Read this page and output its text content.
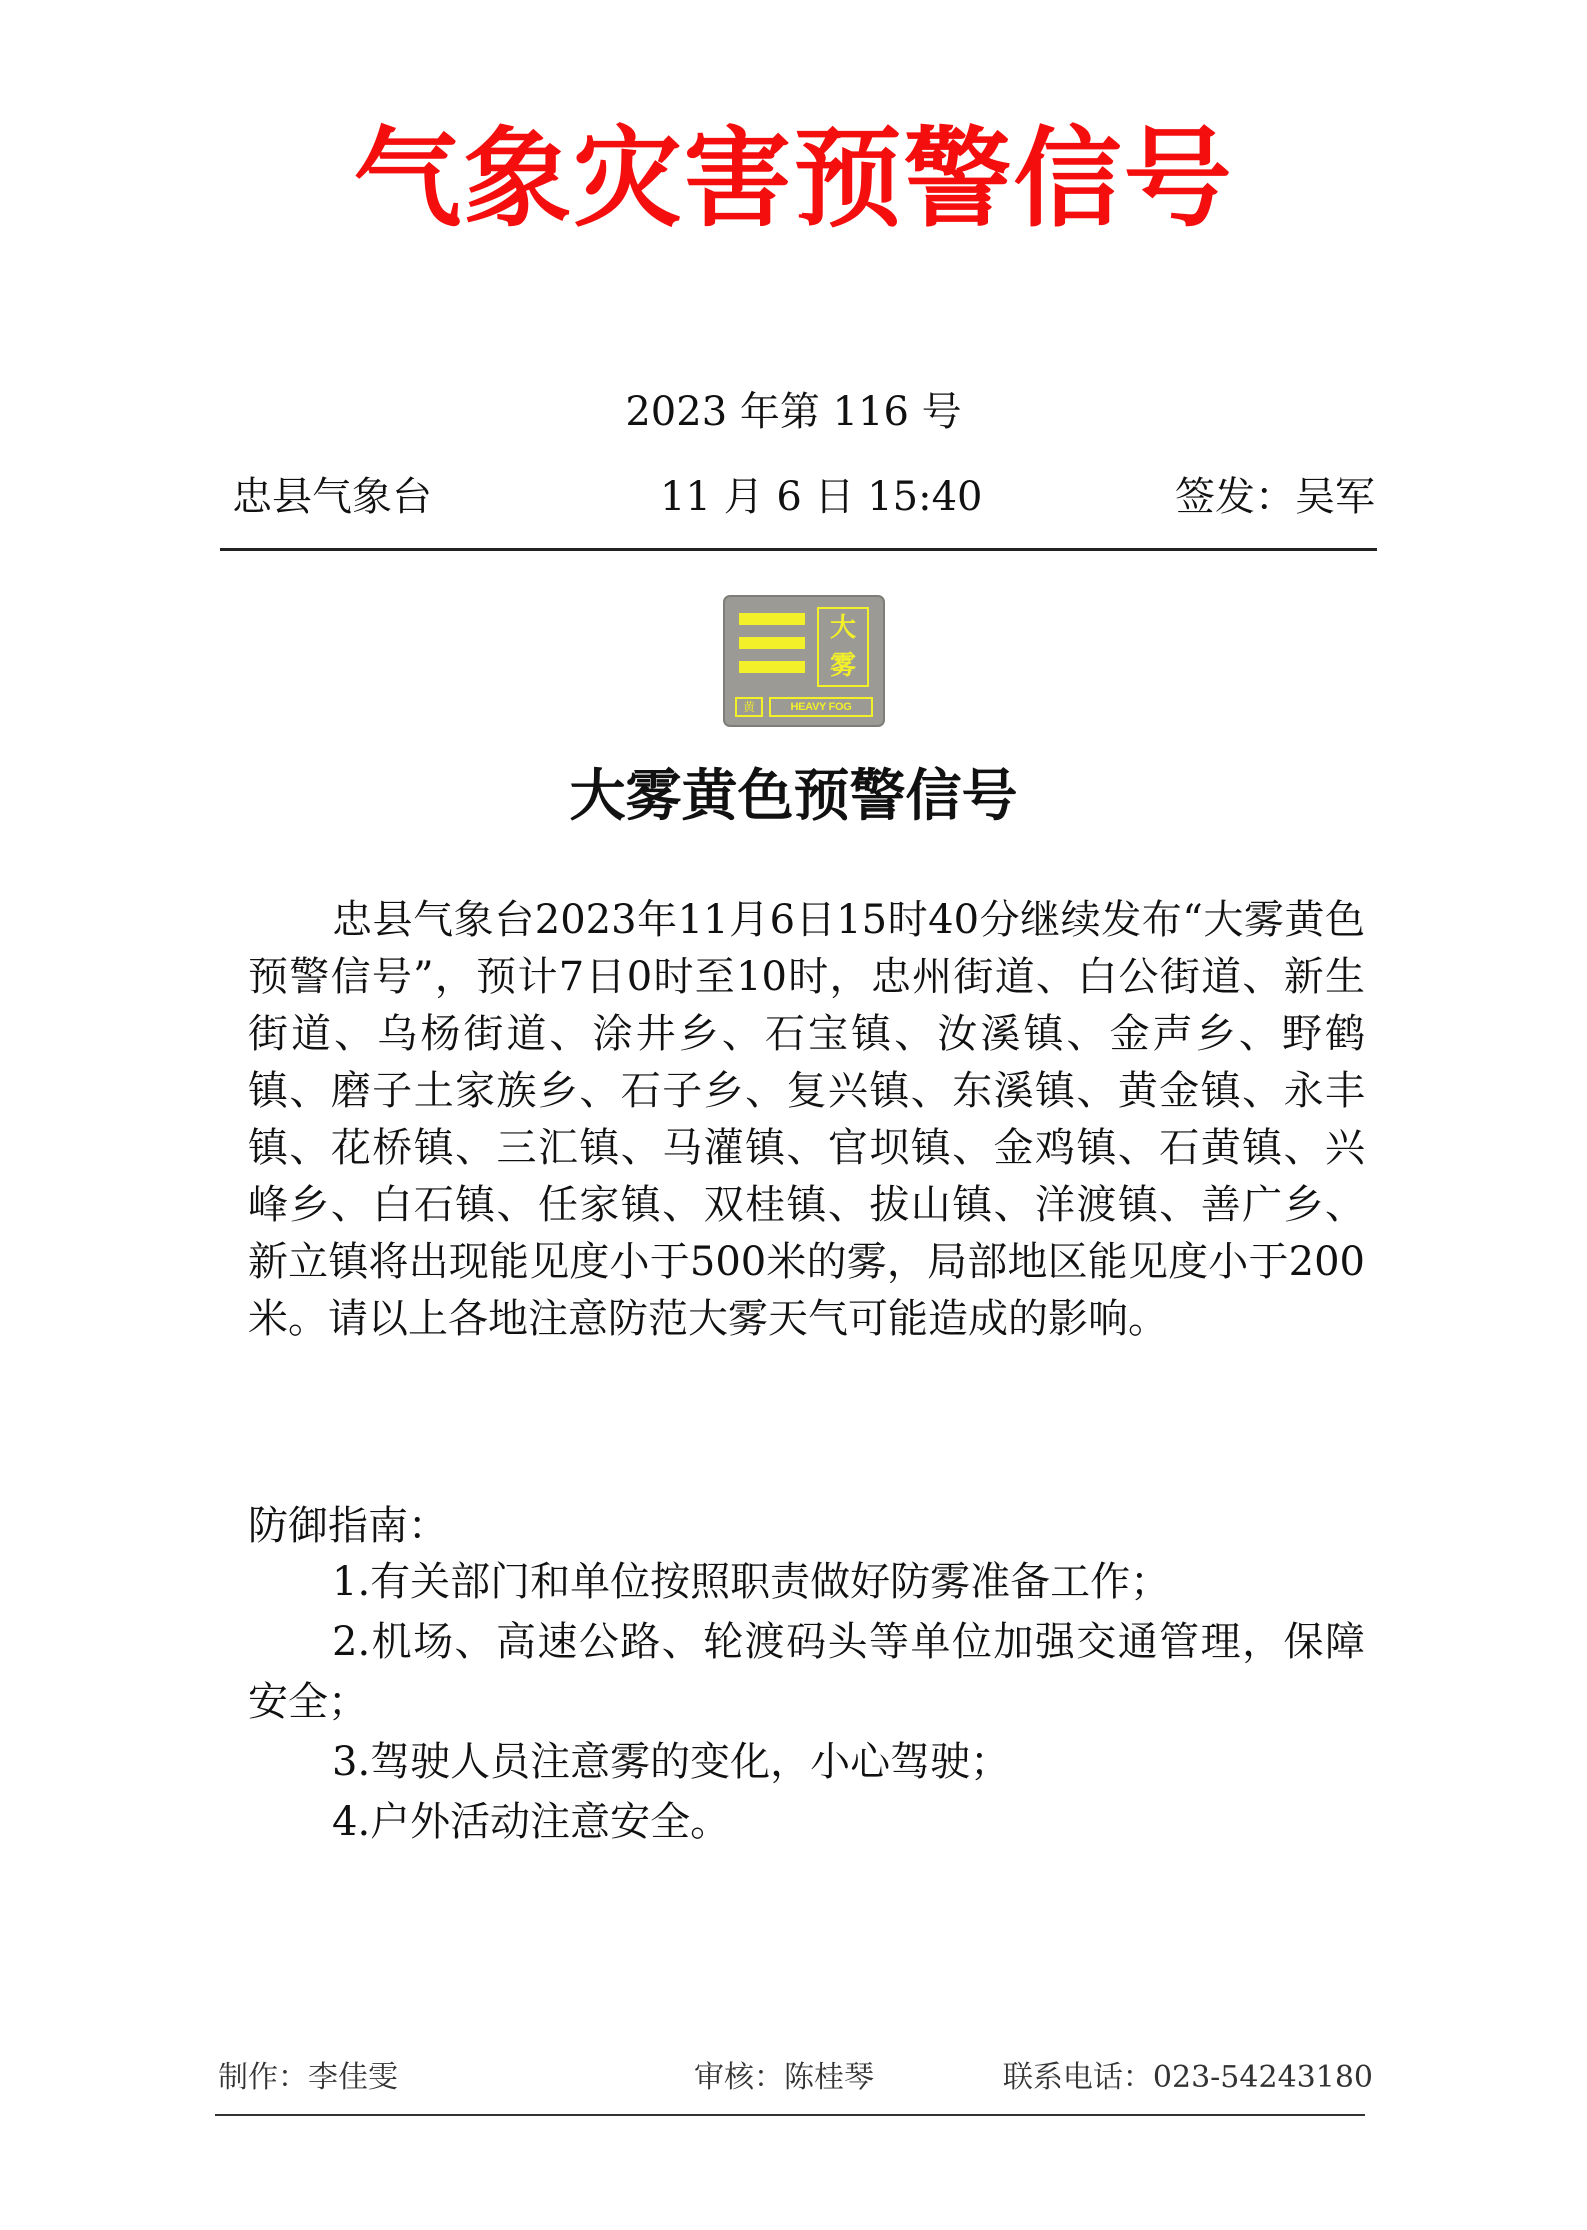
气象灾害预警信号
2023 年第 116 号
忠县气象台	11 月 6 日 15:40	签发：吴军
大
雾
黄	HEAVY FOG
大雾黄色预警信号

忠县气象台2023年11月6日15时40分继续发布“大雾黄色预警信号”，预计7日0时至10时，忠州街道、白公街道、新生街道、乌杨街道、涂井乡、石宝镇、汝溪镇、金声乡、野鹤镇、磨子土家族乡、石子乡、复兴镇、东溪镇、黄金镇、永丰镇、花桥镇、三汇镇、马灌镇、官坝镇、金鸡镇、石黄镇、兴峰乡、白石镇、任家镇、双桂镇、拔山镇、洋渡镇、善广乡、新立镇将出现能见度小于500米的雾，局部地区能见度小于200米。请以上各地注意防范大雾天气可能造成的影响。

防御指南：
1.有关部门和单位按照职责做好防雾准备工作；
2.机场、高速公路、轮渡码头等单位加强交通管理，保障安全；
3.驾驶人员注意雾的变化，小心驾驶；
4.户外活动注意安全。
制作：李佳雯	审核：陈桂琴	联系电话：023-54243180
